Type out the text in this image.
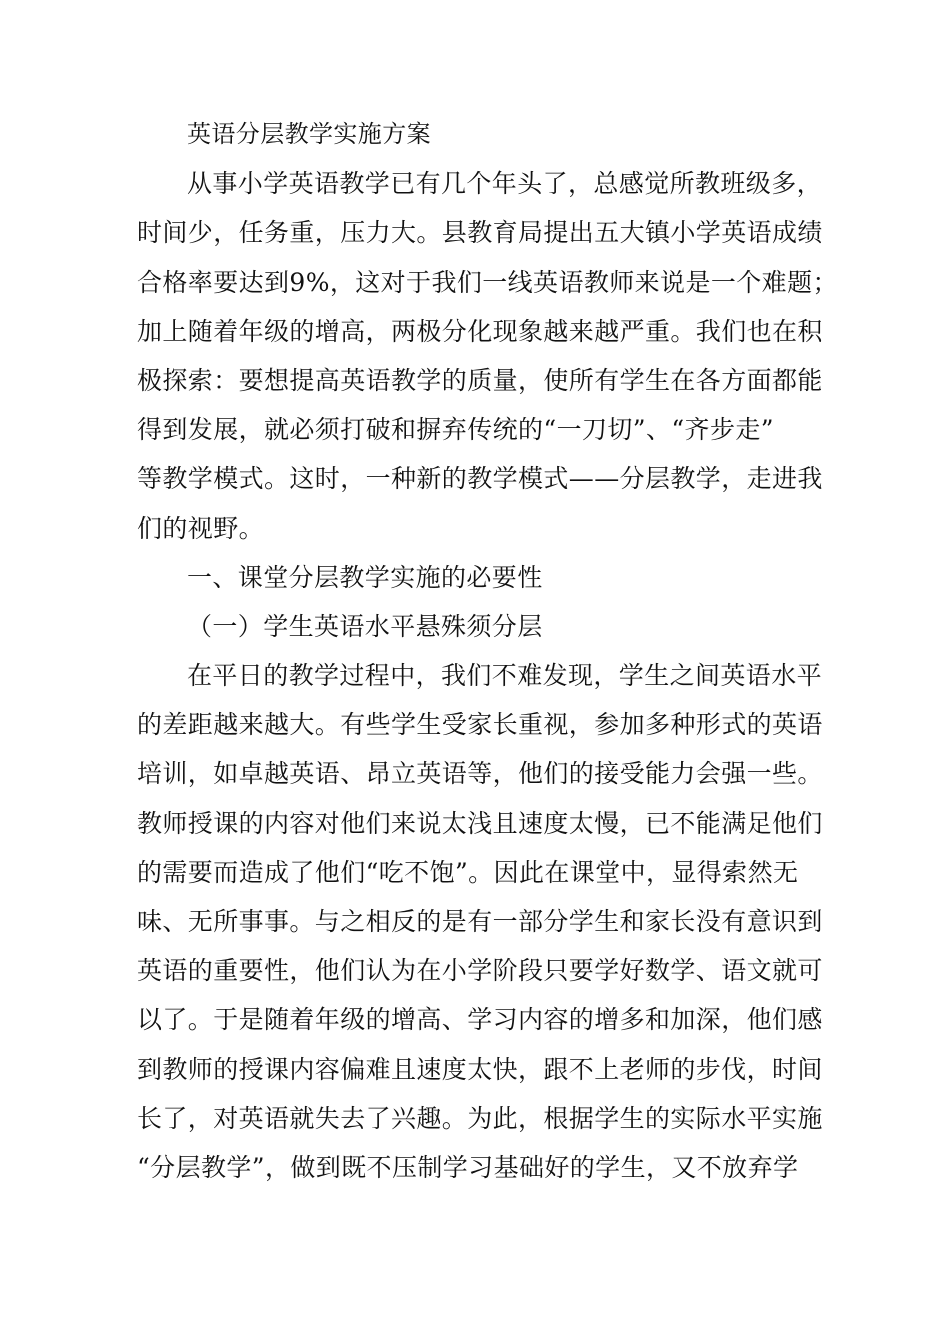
英语分层教学实施方案
从事小学英语教学已有几个年头了，总感觉所教班级多，
时间少，任务重，压力大。县教育局提出五大镇小学英语成绩
合格率要达到9%，这对于我们一线英语教师来说是一个难题；
加上随着年级的增高，两极分化现象越来越严重。我们也在积
极探索：要想提高英语教学的质量，使所有学生在各方面都能
得到发展，就必须打破和摒弃传统的“一刀切”、“齐步走”
等教学模式。这时，一种新的教学模式——分层教学，走进我
们的视野。
一、课堂分层教学实施的必要性
（一）学生英语水平悬殊须分层
在平日的教学过程中，我们不难发现，学生之间英语水平
的差距越来越大。有些学生受家长重视，参加多种形式的英语
培训，如卓越英语、昂立英语等，他们的接受能力会强一些。
教师授课的内容对他们来说太浅且速度太慢，已不能满足他们
的需要而造成了他们“吃不饱”。因此在课堂中，显得索然无
味、无所事事。与之相反的是有一部分学生和家长没有意识到
英语的重要性，他们认为在小学阶段只要学好数学、语文就可
以了。于是随着年级的增高、学习内容的增多和加深，他们感
到教师的授课内容偏难且速度太快，跟不上老师的步伐，时间
长了，对英语就失去了兴趣。为此，根据学生的实际水平实施
“分层教学”，做到既不压制学习基础好的学生，又不放弃学
